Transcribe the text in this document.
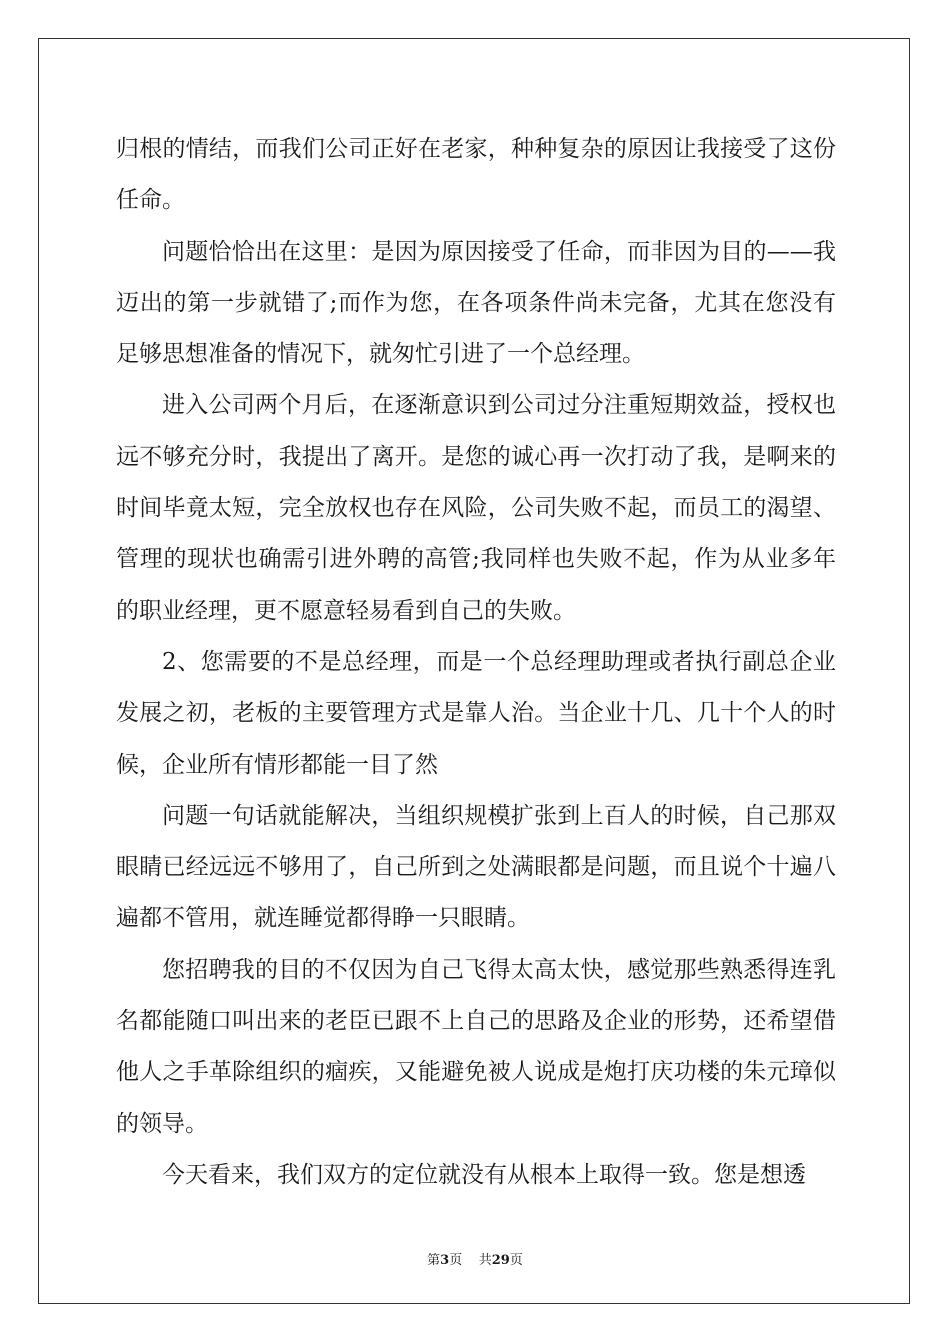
归根的情结，而我们公司正好在老家，种种复杂的原因让我接受了这份任命。

问题恰恰出在这里：是因为原因接受了任命，而非因为目的——我迈出的第一步就错了;而作为您，在各项条件尚未完备，尤其在您没有足够思想准备的情况下，就匆忙引进了一个总经理。

进入公司两个月后，在逐渐意识到公司过分注重短期效益，授权也远不够充分时，我提出了离开。是您的诚心再一次打动了我，是啊来的时间毕竟太短，完全放权也存在风险，公司失败不起，而员工的渴望、管理的现状也确需引进外聘的高管;我同样也失败不起，作为从业多年的职业经理，更不愿意轻易看到自己的失败。

2、您需要的不是总经理，而是一个总经理助理或者执行副总企业发展之初，老板的主要管理方式是靠人治。当企业十几、几十个人的时候，企业所有情形都能一目了然

问题一句话就能解决，当组织规模扩张到上百人的时候，自己那双眼睛已经远远不够用了，自己所到之处满眼都是问题，而且说个十遍八遍都不管用，就连睡觉都得睁一只眼睛。

您招聘我的目的不仅因为自己飞得太高太快，感觉那些熟悉得连乳名都能随口叫出来的老臣已跟不上自己的思路及企业的形势，还希望借他人之手革除组织的痼疾，又能避免被人说成是炮打庆功楼的朱元璋似的领导。

今天看来，我们双方的定位就没有从根本上取得一致。您是想透

第3页    共29页
